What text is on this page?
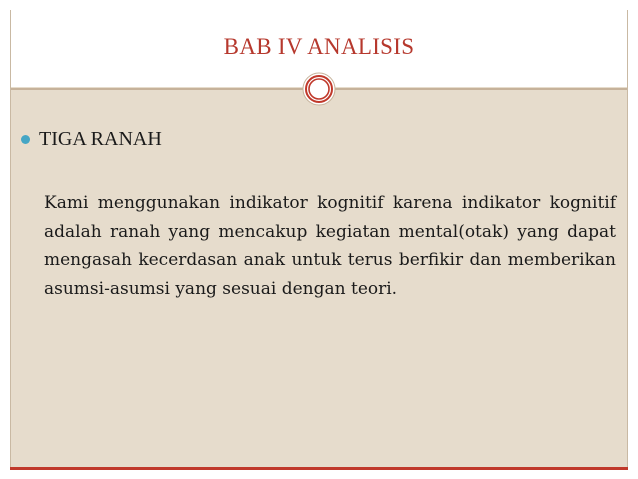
BAB IV ANALISIS
TIGA RANAH
Kami menggunakan indikator kognitif karena indikator kognitif adalah ranah yang mencakup kegiatan mental(otak) yang dapat mengasah kecerdasan anak untuk terus berfikir dan memberikan asumsi-asumsi yang sesuai dengan teori.
